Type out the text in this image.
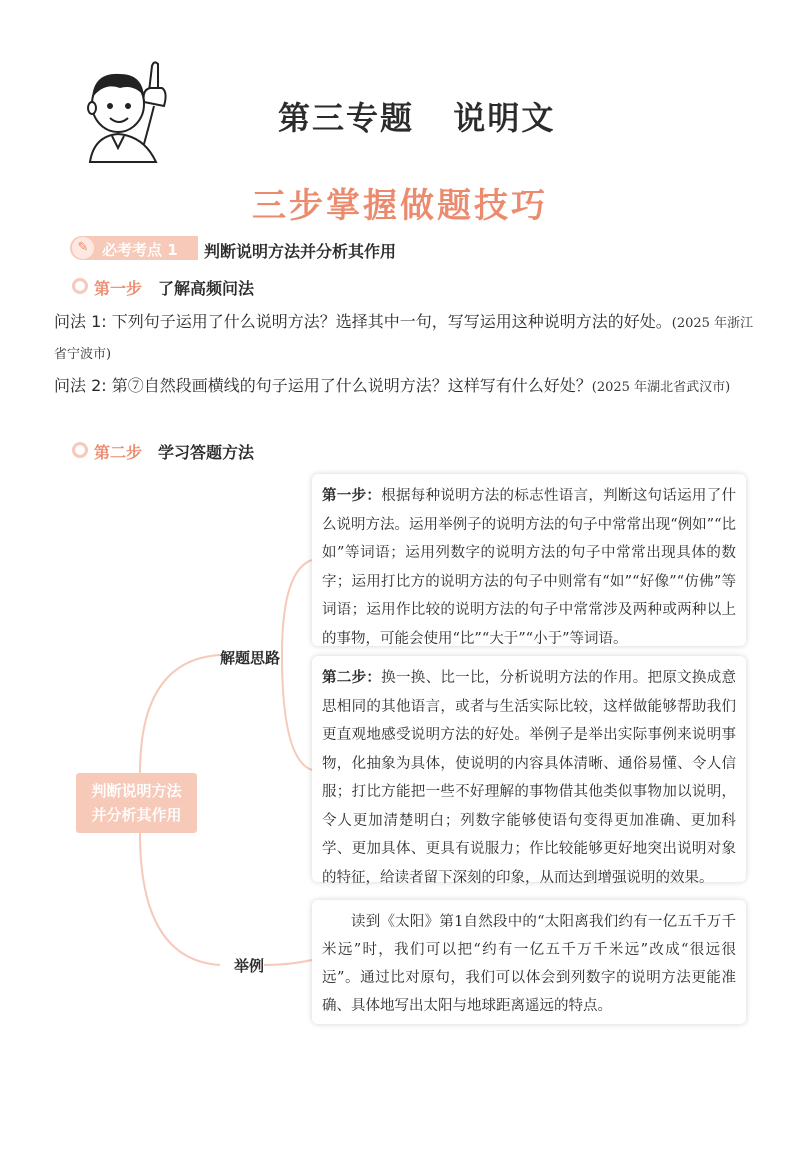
第三专题   说明文
三步掌握做题技巧
✎ 必考考点 1 判断说明方法并分析其作用
第一步 了解高频问法
问法 1: 下列句子运用了什么说明方法？选择其中一句，写写运用这种说明方法的好处。(2025 年浙江省宁波市)
问法 2: 第⑦自然段画横线的句子运用了什么说明方法？这样写有什么好处？(2025 年湖北省武汉市)
第二步 学习答题方法
判断说明方法
并分析其作用
解题思路
举例
第一步：根据每种说明方法的标志性语言，判断这句话运用了什么说明方法。运用举例子的说明方法的句子中常常出现“例如”“比如”等词语；运用列数字的说明方法的句子中常常出现具体的数字；运用打比方的说明方法的句子中则常有“如”“好像”“仿佛”等词语；运用作比较的说明方法的句子中常常涉及两种或两种以上的事物，可能会使用“比”“大于”“小于”等词语。
第二步：换一换、比一比，分析说明方法的作用。把原文换成意思相同的其他语言，或者与生活实际比较，这样做能够帮助我们更直观地感受说明方法的好处。举例子是举出实际事例来说明事物，化抽象为具体，使说明的内容具体清晰、通俗易懂、令人信服；打比方能把一些不好理解的事物借其他类似事物加以说明，令人更加清楚明白；列数字能够使语句变得更加准确、更加科学、更加具体、更具有说服力；作比较能够更好地突出说明对象的特征，给读者留下深刻的印象，从而达到增强说明的效果。
读到《太阳》第1自然段中的“太阳离我们约有一亿五千万千米远”时，我们可以把“约有一亿五千万千米远”改成“很远很远”。通过比对原句，我们可以体会到列数字的说明方法更能准确、具体地写出太阳与地球距离遥远的特点。
